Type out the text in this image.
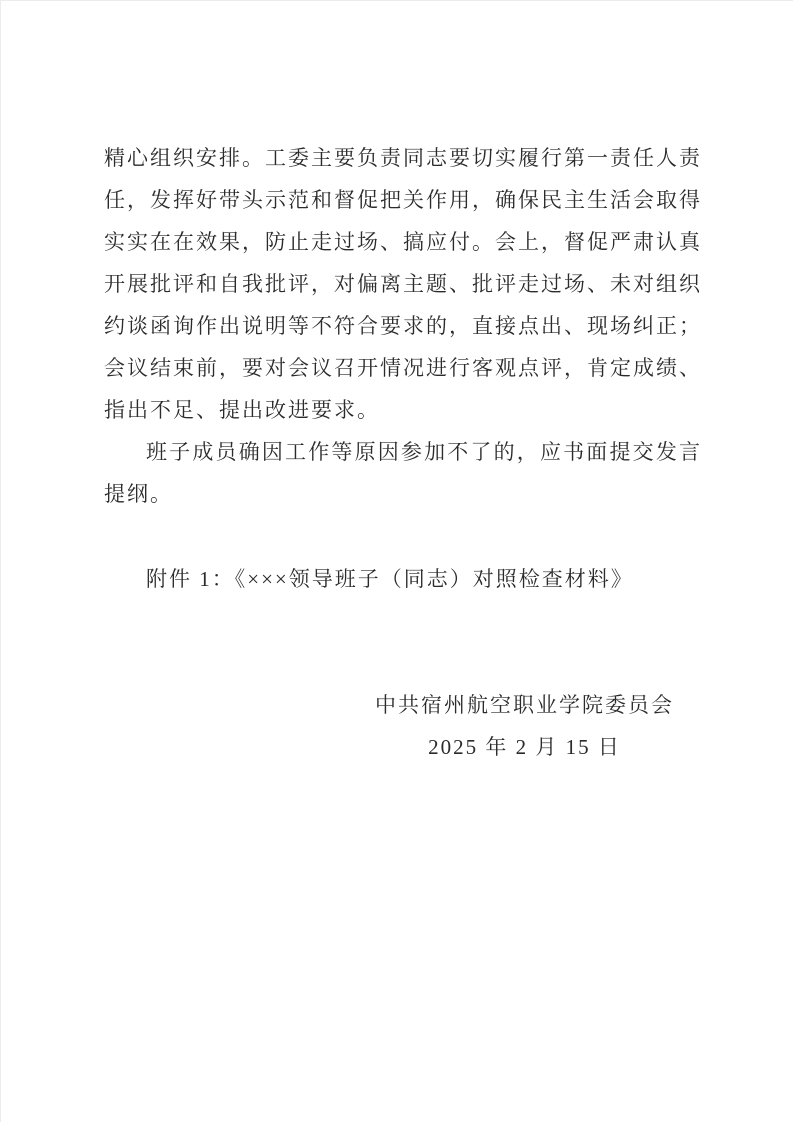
精心组织安排。工委主要负责同志要切实履行第一责任人责任，发挥好带头示范和督促把关作用，确保民主生活会取得实实在在效果，防止走过场、搞应付。会上，督促严肃认真开展批评和自我批评，对偏离主题、批评走过场、未对组织约谈函询作出说明等不符合要求的，直接点出、现场纠正；会议结束前，要对会议召开情况进行客观点评，肯定成绩、指出不足、提出改进要求。

班子成员确因工作等原因参加不了的，应书面提交发言提纲。

附件 1：《×××领导班子（同志）对照检查材料》

中共宿州航空职业学院委员会
2025 年 2 月 15 日
